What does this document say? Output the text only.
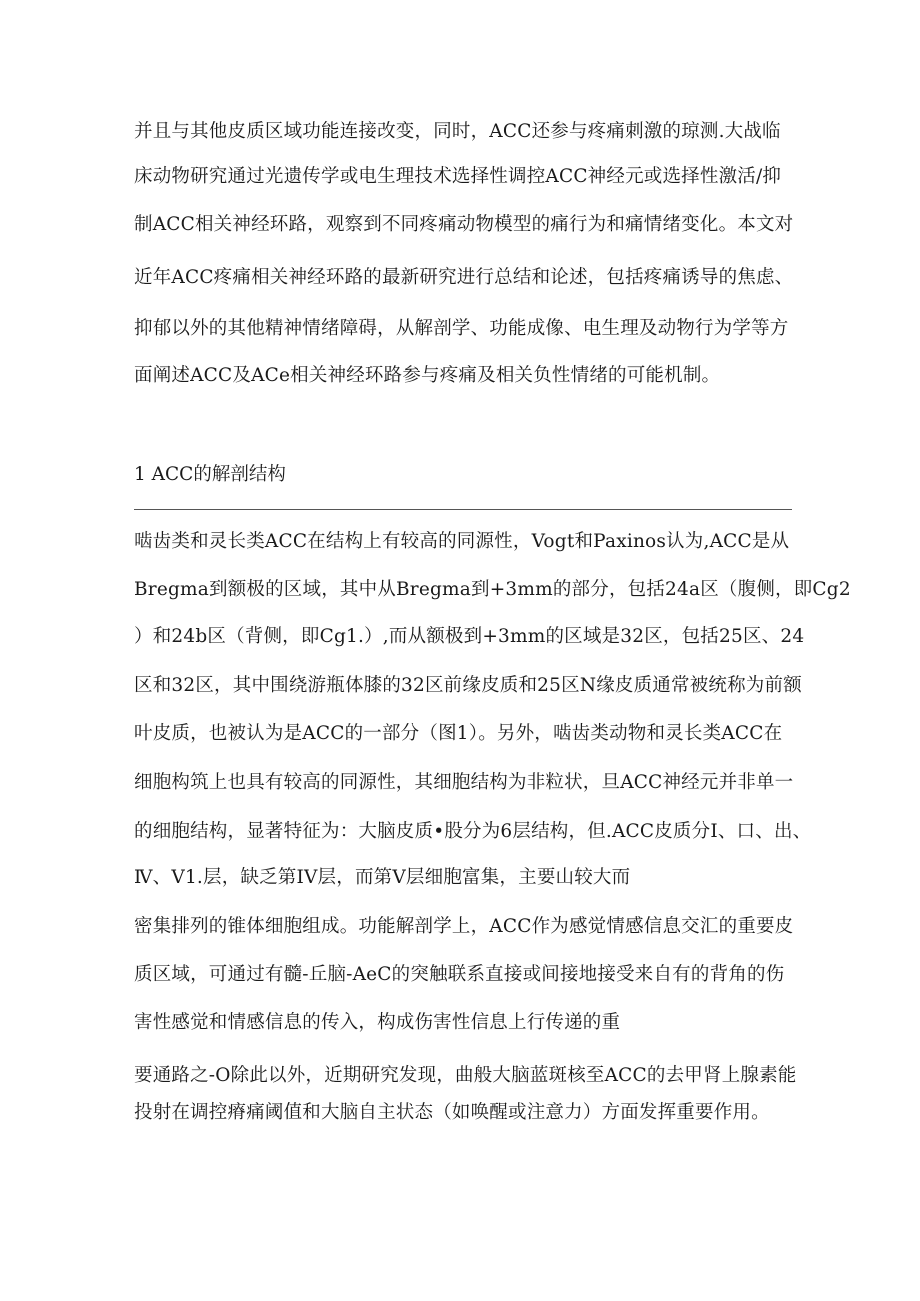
并且与其他皮质区域功能连接改变，同时，ACC还参与疼痛刺激的琼测.大战临
床动物研究通过光遗传学或电生理技术选择性调控ACC神经元或选择性激活/抑
制ACC相关神经环路，观察到不同疼痛动物模型的痛行为和痛情绪变化。本文对
近年ACC疼痛相关神经环路的最新研究进行总结和论述，包括疼痛诱导的焦虑、
抑郁以外的其他精神情绪障碍，从解剖学、功能成像、电生理及动物行为学等方
面阐述ACC及ACe相关神经环路参与疼痛及相关负性情绪的可能机制。
1 ACC的解剖结构
啮齿类和灵长类ACC在结构上有较高的同源性，Vogt和Paxinos认为,ACC是从
Bregma到额极的区域，其中从Bregma到+3mm的部分，包括24a区（腹侧，即Cg2
）和24b区（背侧，即Cg1.）,而从额极到+3mm的区域是32区，包括25区、24
区和32区，其中围绕游瓶体膝的32区前缘皮质和25区N缘皮质通常被统称为前额
叶皮质，也被认为是ACC的一部分（图1）。另外，啮齿类动物和灵长类ACC在
细胞构筑上也具有较高的同源性，其细胞结构为非粒状，旦ACC神经元并非单一
的细胞结构，显著特征为：大脑皮质•股分为6层结构，但.ACC皮质分I、口、出、
Ⅳ、V1.层，缺乏第IV层，而第V层细胞富集，主要山较大而
密集排列的锥体细胞组成。功能解剖学上，ACC作为感觉情感信息交汇的重要皮
质区域，可通过有髓-丘脑-AeC的突触联系直接或间接地接受来自有的背角的伤
害性感觉和情感信息的传入，构成伤害性信息上行传递的重
要通路之-O除此以外，近期研究发现，曲般大脑蓝斑核至ACC的去甲肾上腺素能
投射在调控瘠痛阈值和大脑自主状态（如唤醒或注意力）方面发挥重要作用。
